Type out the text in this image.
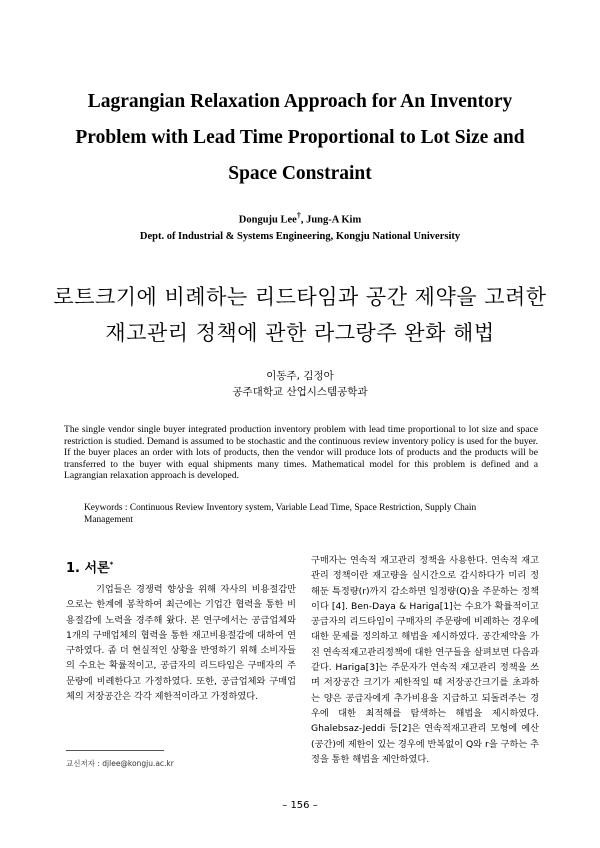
Lagrangian Relaxation Approach for An Inventory
Problem with Lead Time Proportional to Lot Size and
Space Constraint
Donguju Lee†, Jung-A Kim
Dept. of Industrial & Systems Engineering, Kongju National University
로트크기에 비례하는 리드타임과 공간 제약을 고려한
재고관리 정책에 관한 라그랑주 완화 해법
이동주, 김정아
공주대학교 산업시스템공학과
The single vendor single buyer integrated production inventory problem with lead time proportional to lot size and space restriction is studied. Demand is assumed to be stochastic and the continuous review inventory policy is used for the buyer. If the buyer places an order with lots of products, then the vendor will produce lots of products and the products will be transferred to the buyer with equal shipments many times. Mathematical model for this problem is defined and a Lagrangian relaxation approach is developed.
Keywords : Continuous Review Inventory system, Variable Lead Time, Space Restriction, Supply Chain Management
1. 서론*
기업들은 경쟁력 향상을 위해 자사의 비용절감만으로는 한계에 봉착하여 최근에는 기업간 협력을 통한 비용절감에 노력을 경주해 왔다. 본 연구에서는 공급업체와 1개의 구매업체의 협력을 통한 재고비용절감에 대하여 연구하였다. 좀 더 현실적인 상황을 반영하기 위해 소비자들의 수요는 확률적이고, 공급자의 리드타임은 구매자의 주문량에 비례한다고 가정하였다. 또한, 공급업체와 구매업체의 저장공간은 각각 제한적이라고 가정하였다.
구매자는 연속적 재고관리 정책을 사용한다. 연속적 재고 관리 정책이란 재고량을 실시간으로 감시하다가 미리 정해둔 특정량(r)까지 감소하면 일정량(Q)을 주문하는 정책이다 [4]. Ben-Daya & Hariga[1]는 수요가 확률적이고 공급자의 리드타임이 구매자의 주문량에 비례하는 경우에 대한 문제를 정의하고 해법을 제시하였다. 공간제약을 가진 연속적재고관리정책에 대한 연구들을 살펴보면 다음과 같다. Hariga[3]는 주문자가 연속적 재고관리 정책을 쓰며 저장공간 크기가 제한적일 때 저장공간크기를 초과하는 양은 공급자에게 추가비용을 지급하고 되돌려주는 경우에 대한 최적해를 탐색하는 해법을 제시하였다. Ghalebsaz-Jeddi 등[2]은 연속적재고관리 모형에 예산(공간)에 제한이 있는 경우에 반복없이 Q와 r을 구하는 추정을 통한 해법을 제안하였다.
교신저자 : djlee@kongju.ac.kr
– 156 –
